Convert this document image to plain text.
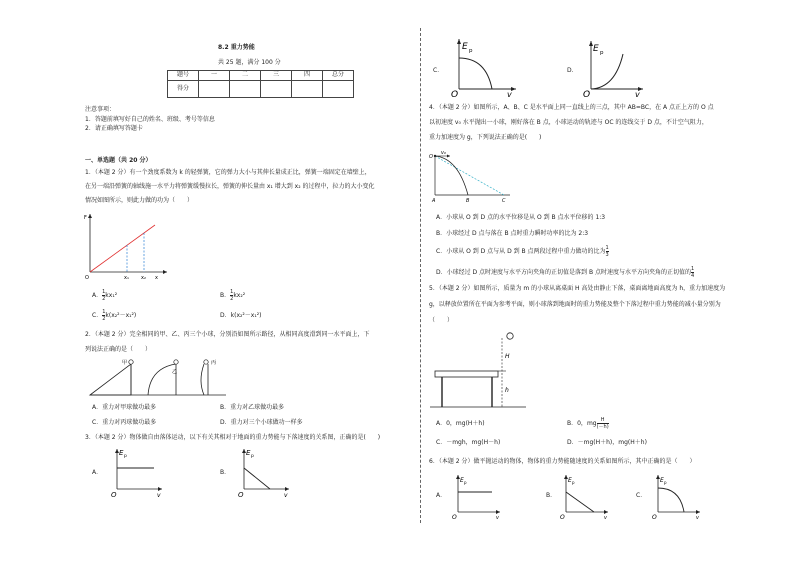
8.2 重力势能
共 25 题，满分 100 分
题号	一	二	三	四	总分
得分					
注意事项：
1．答题前填写好自己的姓名、班级、考号等信息
2．请正确填写答题卡
一、单选题（共 20 分）
1．（本题 2 分）有一个劲度系数为 k 的轻弹簧，它的弹力大小与其伸长量成正比，弹簧一端固定在墙壁上，
在另一端沿弹簧的轴线施一水平力将弹簧缓慢拉长，弹簧的伸长量由 x₁ 增大到 x₂ 的过程中，拉力的大小变化
情况如图所示，则此力做的功为（　　）
F
O	x₁ x₂ x
A． $\frac{1}{2} kx_1^2$	B． $\frac{1}{2} kx_2^2$
C． $\frac{1}{2} k(x_2^2-x_1^2)$	D．k(x₂²－x₁²)
2．（本题 2 分）完全相同的甲、乙、丙三个小球，分别沿如图所示路径，从相同高度滑到同一水平面上，下
列说法正确的是（　　）
甲
乙
丙
A．重力对甲球做功最多	B．重力对乙球做功最多
C．重力对丙球做功最多	D．重力对三个小球做功一样多
3．（本题 2 分）物体做自由落体运动，以下有关其相对于地面的重力势能与下落速度的关系图，正确的是(　　)
A．
E p
O	v
B．
E p
O	v
C．
E p
O	v
D．
E p
O	v
4．（本题 2 分）如图所示，A、B、C 是水平面上同一直线上的三点，其中 AB=BC，在 A 点正上方的 O 点
以初速度 v₀ 水平抛出一小球，刚好落在 B 点，小球运动的轨迹与 OC 的连线交于 D 点，不计空气阻力，
重力加速度为 g，下列说法正确的是(　　)
O
v₀
A	B	C
A．小球从 O 到 D 点的水平位移是从 O 到 B 点水平位移的 1:3
B．小球经过 D 点与落在 B 点时重力瞬时功率的比为 2:3
C．小球从 O 到 D 点与从 D 到 B 点两段过程中重力做功的比为 $\frac{1}{3}$
D．小球经过 D 点时速度与水平方向夹角的正切值是落到 B 点时速度与水平方向夹角的正切值的 $\frac{1}{4}$
5．（本题 2 分）如图所示，质量为 m 的小球从离桌面 H 高处由静止下落，桌面离地面高度为 h，重力加速度为
g，以释放位置所在平面为参考平面，则小球落到地面时的重力势能及整个下落过程中重力势能的减小量分别为
（　　）
H
h
A．0，mg(H＋h)	B．0，mg $\frac{H}{(-h)}$
C．－mgh，mg(H－h)	D．－mg(H＋h)，mg(H＋h)
6．（本题 2 分）做平抛运动的物体，物体的重力势能随速度的关系如图所示，其中正确的是（　　）
A．
E p
O	v
B．
E p
O	v
C．
E p
O	v
